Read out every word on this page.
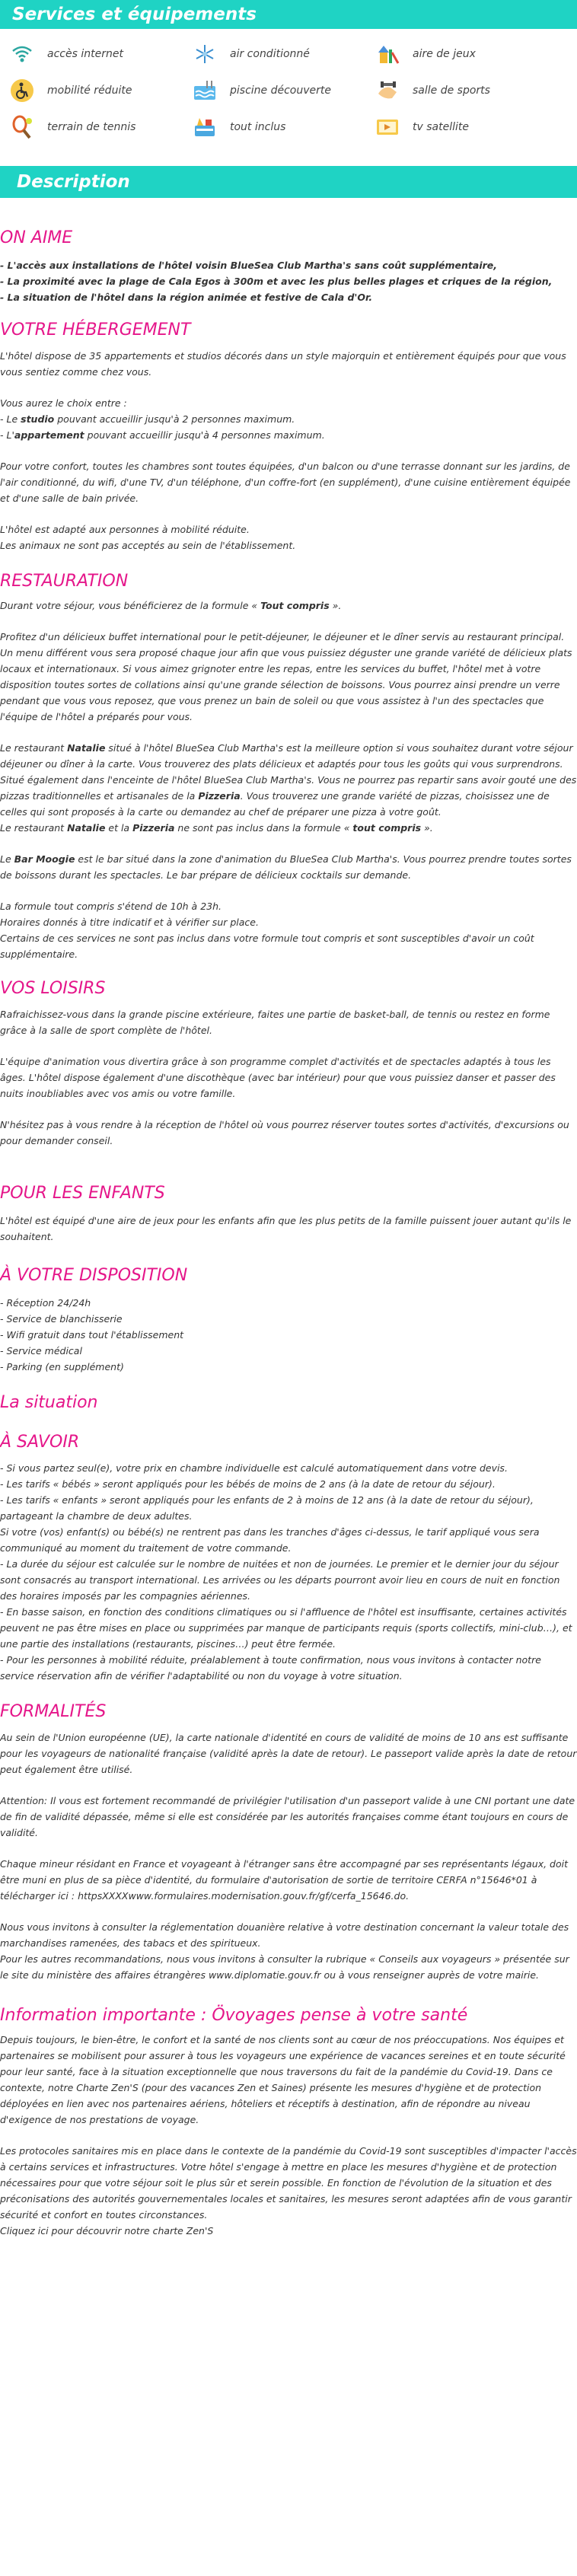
Services et équipements
accès internet	air conditionné	aire de jeux
mobilité réduite	piscine découverte	salle de sports
terrain de tennis	tout inclus	tv satellite
Description
ON AIME

- L'accès aux installations de l'hôtel voisin BlueSea Club Martha's sans coût supplémentaire,

- La proximité avec la plage de Cala Egos à 300m et avec les plus belles plages et criques de la région,

- La situation de l'hôtel dans la région animée et festive de Cala d'Or.

VOTRE HÉBERGEMENT

L'hôtel dispose de 35 appartements et studios décorés dans un style majorquin et entièrement équipés pour que vous vous sentiez comme chez vous.

Vous aurez le choix entre :

- Le studio pouvant accueillir jusqu'à 2 personnes maximum.

- L'appartement pouvant accueillir jusqu'à 4 personnes maximum.

Pour votre confort, toutes les chambres sont toutes équipées, d'un balcon ou d'une terrasse donnant sur les jardins, de l'air conditionné, du wifi, d'une TV, d'un téléphone, d'un coffre-fort (en supplément), d'une cuisine entièrement équipée et d'une salle de bain privée.

L'hôtel est adapté aux personnes à mobilité réduite.
Les animaux ne sont pas acceptés au sein de l'établissement.

RESTAURATION

Durant votre séjour, vous bénéficierez de la formule « Tout compris ».

Profitez d'un délicieux buffet international pour le petit-déjeuner, le déjeuner et le dîner servis au restaurant principal. Un menu différent vous sera proposé chaque jour afin que vous puissiez déguster une grande variété de délicieux plats locaux et internationaux. Si vous aimez grignoter entre les repas, entre les services du buffet, l'hôtel met à votre disposition toutes sortes de collations ainsi qu'une grande sélection de boissons. Vous pourrez ainsi prendre un verre pendant que vous vous reposez, que vous prenez un bain de soleil ou que vous assistez à l'un des spectacles que l'équipe de l'hôtel a préparés pour vous.

Le restaurant Natalie situé à l'hôtel BlueSea Club Martha's est la meilleure option si vous souhaitez durant votre séjour déjeuner ou dîner à la carte. Vous trouverez des plats délicieux et adaptés pour tous les goûts qui vous surprendrons. Situé également dans l'enceinte de l'hôtel BlueSea Club Martha's. Vous ne pourrez pas repartir sans avoir gouté une des pizzas traditionnelles et artisanales de la Pizzeria. Vous trouverez une grande variété de pizzas, choisissez une de celles qui sont proposés à la carte ou demandez au chef de préparer une pizza à votre goût.
Le restaurant Natalie et la Pizzeria ne sont pas inclus dans la formule « tout compris ».

Le Bar Moogie est le bar situé dans la zone d'animation du BlueSea Club Martha's. Vous pourrez prendre toutes sortes de boissons durant les spectacles. Le bar prépare de délicieux cocktails sur demande.

La formule tout compris s'étend de 10h à 23h.
Horaires donnés à titre indicatif et à vérifier sur place.
Certains de ces services ne sont pas inclus dans votre formule tout compris et sont susceptibles d'avoir un coût supplémentaire.

VOS LOISIRS

Rafraichissez-vous dans la grande piscine extérieure, faites une partie de basket-ball, de tennis ou restez en forme grâce à la salle de sport complète de l'hôtel.

L'équipe d'animation vous divertira grâce à son programme complet d'activités et de spectacles adaptés à tous les âges. L'hôtel dispose également d'une discothèque (avec bar intérieur) pour que vous puissiez danser et passer des nuits inoubliables avec vos amis ou votre famille.

N'hésitez pas à vous rendre à la réception de l'hôtel où vous pourrez réserver toutes sortes d'activités, d'excursions ou pour demander conseil.

POUR LES ENFANTS

L'hôtel est équipé d'une aire de jeux pour les enfants afin que les plus petits de la famille puissent jouer autant qu'ils le souhaitent.

À VOTRE DISPOSITION

- Réception 24/24h
- Service de blanchisserie
- Wifi gratuit dans tout l'établissement
- Service médical
- Parking (en supplément)

La situation
À SAVOIR

- Si vous partez seul(e), votre prix en chambre individuelle est calculé automatiquement dans votre devis.
- Les tarifs « bébés » seront appliqués pour les bébés de moins de 2 ans (à la date de retour du séjour).
- Les tarifs « enfants » seront appliqués pour les enfants de 2 à moins de 12 ans (à la date de retour du séjour), partageant la chambre de deux adultes.
Si votre (vos) enfant(s) ou bébé(s) ne rentrent pas dans les tranches d'âges ci-dessus, le tarif appliqué vous sera communiqué au moment du traitement de votre commande.
- La durée du séjour est calculée sur le nombre de nuitées et non de journées. Le premier et le dernier jour du séjour sont consacrés au transport international. Les arrivées ou les départs pourront avoir lieu en cours de nuit en fonction des horaires imposés par les compagnies aériennes.
- En basse saison, en fonction des conditions climatiques ou si l'affluence de l'hôtel est insuffisante, certaines activités peuvent ne pas être mises en place ou supprimées par manque de participants requis (sports collectifs, mini-club…), et une partie des installations (restaurants, piscines…) peut être fermée.
- Pour les personnes à mobilité réduite, préalablement à toute confirmation, nous vous invitons à contacter notre service réservation afin de vérifier l'adaptabilité ou non du voyage à votre situation.

FORMALITÉS

Au sein de l'Union européenne (UE), la carte nationale d'identité en cours de validité de moins de 10 ans est suffisante pour les voyageurs de nationalité française (validité après la date de retour). Le passeport valide après la date de retour peut également être utilisé.

Attention: Il vous est fortement recommandé de privilégier l'utilisation d'un passeport valide à une CNI portant une date de fin de validité dépassée, même si elle est considérée par les autorités françaises comme étant toujours en cours de validité.

Chaque mineur résidant en France et voyageant à l'étranger sans être accompagné par ses représentants légaux, doit être muni en plus de sa pièce d'identité, du formulaire d'autorisation de sortie de territoire CERFA n°15646*01 à télécharger ici : httpsXXXXwww.formulaires.modernisation.gouv.fr/gf/cerfa_15646.do.

Nous vous invitons à consulter la réglementation douanière relative à votre destination concernant la valeur totale des marchandises ramenées, des tabacs et des spiritueux.
Pour les autres recommandations, nous vous invitons à consulter la rubrique « Conseils aux voyageurs » présentée sur le site du ministère des affaires étrangères www.diplomatie.gouv.fr ou à vous renseigner auprès de votre mairie.

Information importante : Övoyages pense à votre santé

Depuis toujours, le bien-être, le confort et la santé de nos clients sont au cœur de nos préoccupations. Nos équipes et partenaires se mobilisent pour assurer à tous les voyageurs une expérience de vacances sereines et en toute sécurité pour leur santé, face à la situation exceptionnelle que nous traversons du fait de la pandémie du Covid-19. Dans ce contexte, notre Charte Zen'S (pour des vacances Zen et Saines) présente les mesures d'hygiène et de protection déployées en lien avec nos partenaires aériens, hôteliers et réceptifs à destination, afin de répondre au niveau d'exigence de nos prestations de voyage.

Les protocoles sanitaires mis en place dans le contexte de la pandémie du Covid-19 sont susceptibles d'impacter l'accès à certains services et infrastructures. Votre hôtel s'engage à mettre en place les mesures d'hygiène et de protection nécessaires pour que votre séjour soit le plus sûr et serein possible. En fonction de l'évolution de la situation et des préconisations des autorités gouvernementales locales et sanitaires, les mesures seront adaptées afin de vous garantir sécurité et confort en toutes circonstances.
Cliquez ici pour découvrir notre charte Zen'S
